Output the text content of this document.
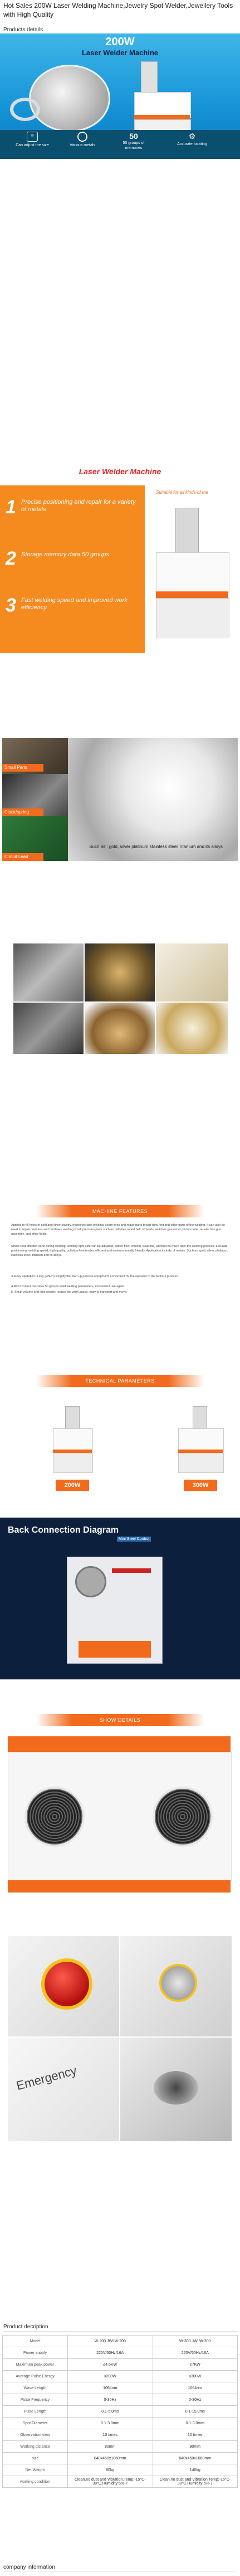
Hot Sales 200W Laser Welding Machine,Jewelry Spot Welder,Jewellery Tools with High Quality
Products details
200W
Laser Welder Machine
≡
Can adjust the size	Various metals
50
50 groups of memories
⚙
Accurate locating
Laser Welder Machine
Suitable for all kinds of me
1 Precise positioning and repair for a variety of metals
2 Storage memory data 50 groups
3 Fast welding speed and improved work efficiency
Small Parts
Clock/spring
Circuit Lead
Such as : gold, silver platinum,stainless steel Titanium and its alloys
MACHINE FEATURES

Applied to fill holes of gold and silver jewelry, machines spot welding, seam lines and repair parts broad claw feet and other parts of the welding. It can also be used to repair dentures and hardware welding small precision parts such as batteries nickel belt, IC leads, watches gossamer, picture tube, an electron gun assembly, and other fields.

Small heat-affected zone during welding, welding spot size can be adjusted, solder flow, smooth, beautiful, without too much after the welding process; accurate position-ing, welding speed, high quality, pollution free,tender, efficient and environmentally friendly. Application include of metals: Such as: gold, silver, platinum, stainless steel, titanium and its alloys.

3.A key operation: a key (which) simplify the start up process equipment; convenient for the operator to the tedious process.

4.MCU control can store 50 groups weld welding parameters, convenient use again.

5. Small volume and light weight: reduce the work space, easy to transport and move.

TECHNICAL PARAMETERS
200W	300W
Back Connection Diagram
Mini Steel Control
SHOW DETAILS
Emergency
Product decription
Model	W-200 JWLW-200	W-300 JWLW-300
Power supply	220V/50Hz/16A	220V/50Hz/16A
Maximum peak power	≤4.5KW	≤7KW
Average Pulse Energy	≤200W	≤300W
Wave Length	1064nm	1064nm
Pulse Frequency	0-30Hz	0-30Hz
Pulse Length	0.1-5.0ms	0.1-15.0ms
Spot Diameter	0.1-3.0mm	0.1-3.0mm
Observation view	10 times	10 times
Working distance	90mm	90mm
size	840x450x1060mm	840x450x1060mm
Net Weight	80kg	140kg
working condition	Clean,no dust and Vibration,Temp:-15°C-38°C,Humidity:5%-7	Clean,no dust and Vibration,Temp:-15°C-38°C,Humidity:5%-7
company information
